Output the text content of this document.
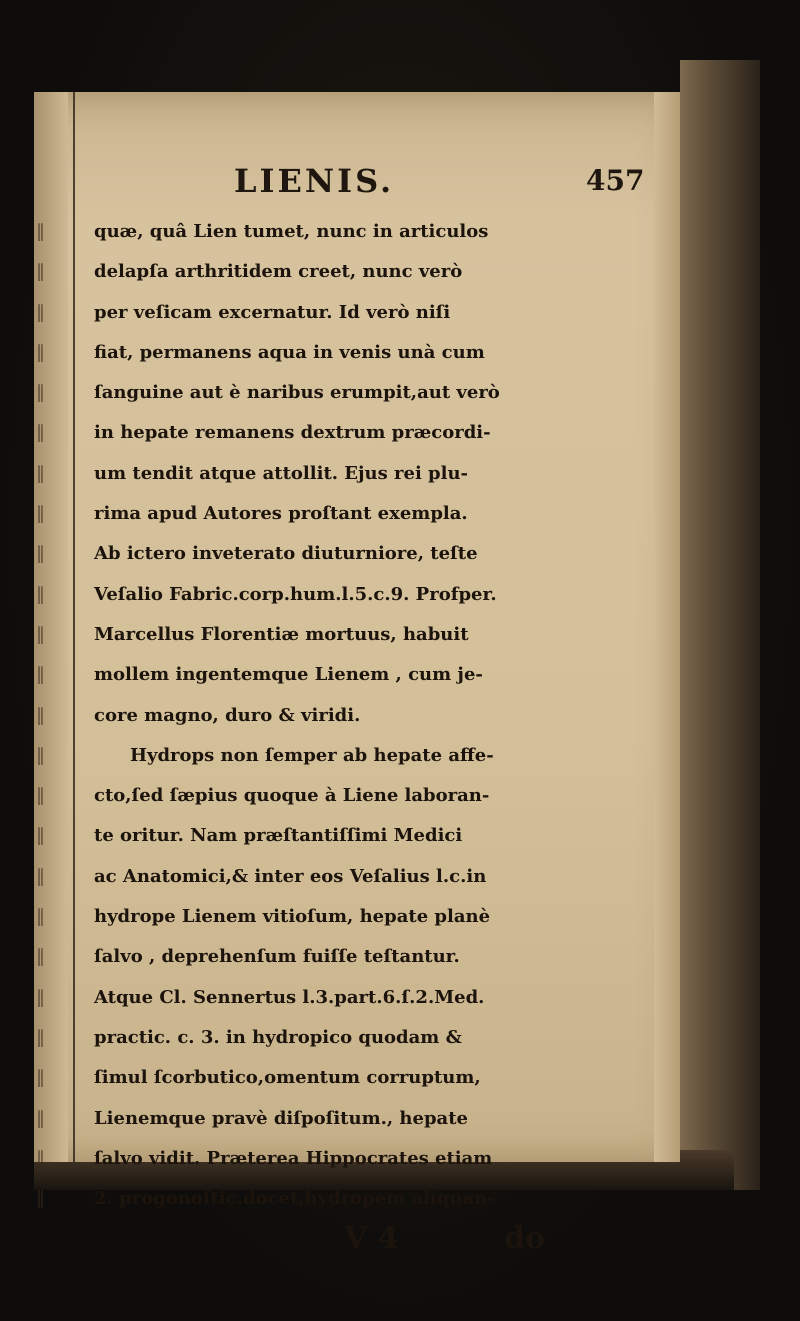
LIENIS.	457
‖
‖
‖
‖
‖
‖
‖
‖
‖
‖
‖
‖
‖
‖
‖
‖
‖
‖
‖
‖
‖
‖
‖
‖
‖
quæ, quâ Lien tumet, nunc in articulos
delapſa arthritidem creet, nunc verò
per veſicam excernatur. Id verò niſi
fiat, permanens aqua in venis unà cum
ſanguine aut è naribus erumpit,aut verò
in hepate remanens dextrum præcordi-
um tendit atque attollit. Ejus rei plu-
rima apud Autores proſtant exempla.
Ab ictero inveterato diuturniore, teſte
Veſalio Fabric.corp.hum.l.5.c.9. Profper.
Marcellus Florentiæ mortuus, habuit
mollem ingentemque Lienem , cum je-
core magno, duro & viridi.
Hydrops non ſemper ab hepate affe-
cto,ſed ſæpius quoque à Liene laboran-
te oritur. Nam præſtantiſſimi Medici
ac Anatomici,& inter eos Veſalius l.c.in
hydrope Lienem vitioſum, hepate planè
ſalvo , deprehenſum fuiſſe teſtantur.
Atque Cl. Sennertus l.3.part.6.ſ.2.Med.
practic. c. 3. in hydropico quodam &
ſimul ſcorbutico,omentum corruptum,
Lienemque pravè diſpoſitum., hepate
ſalvo vidit. Præterea Hippocrates etiam
2. progonoſtic.docet,hydropem aliquan-
V 4	do
